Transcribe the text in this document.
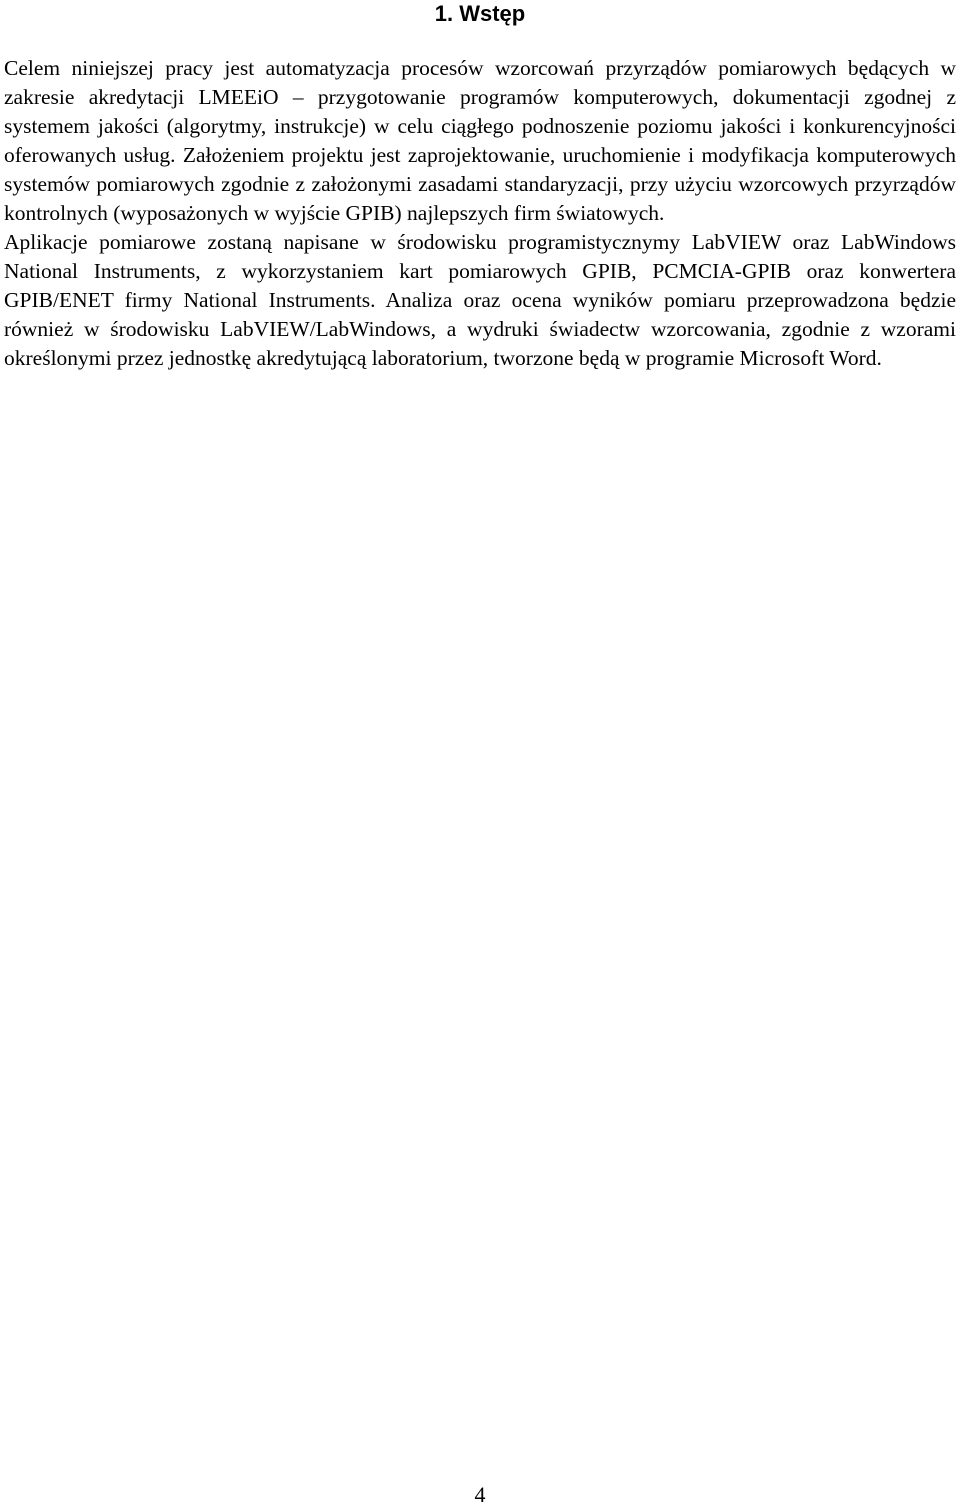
1. Wstęp

Celem niniejszej pracy jest automatyzacja procesów wzorcowań przyrządów pomiarowych będących w zakresie akredytacji LMEEiO – przygotowanie programów komputerowych, dokumentacji zgodnej z systemem jakości (algorytmy, instrukcje) w celu ciągłego podnoszenie poziomu jakości i konkurencyjności oferowanych usług. Założeniem projektu jest zaprojektowanie, uruchomienie i modyfikacja komputerowych systemów pomiarowych zgodnie z założonymi zasadami standaryzacji, przy użyciu wzorcowych przyrządów kontrolnych (wyposażonych w wyjście GPIB) najlepszych firm światowych.

Aplikacje pomiarowe zostaną napisane w środowisku programistycznymy LabVIEW oraz LabWindows National Instruments, z wykorzystaniem kart pomiarowych GPIB, PCMCIA-GPIB oraz konwertera GPIB/ENET firmy National Instruments. Analiza oraz ocena wyników pomiaru przeprowadzona będzie również w środowisku LabVIEW/LabWindows, a wydruki świadectw wzorcowania, zgodnie z wzorami określonymi przez jednostkę akredytującą laboratorium, tworzone będą w programie Microsoft Word.

4
